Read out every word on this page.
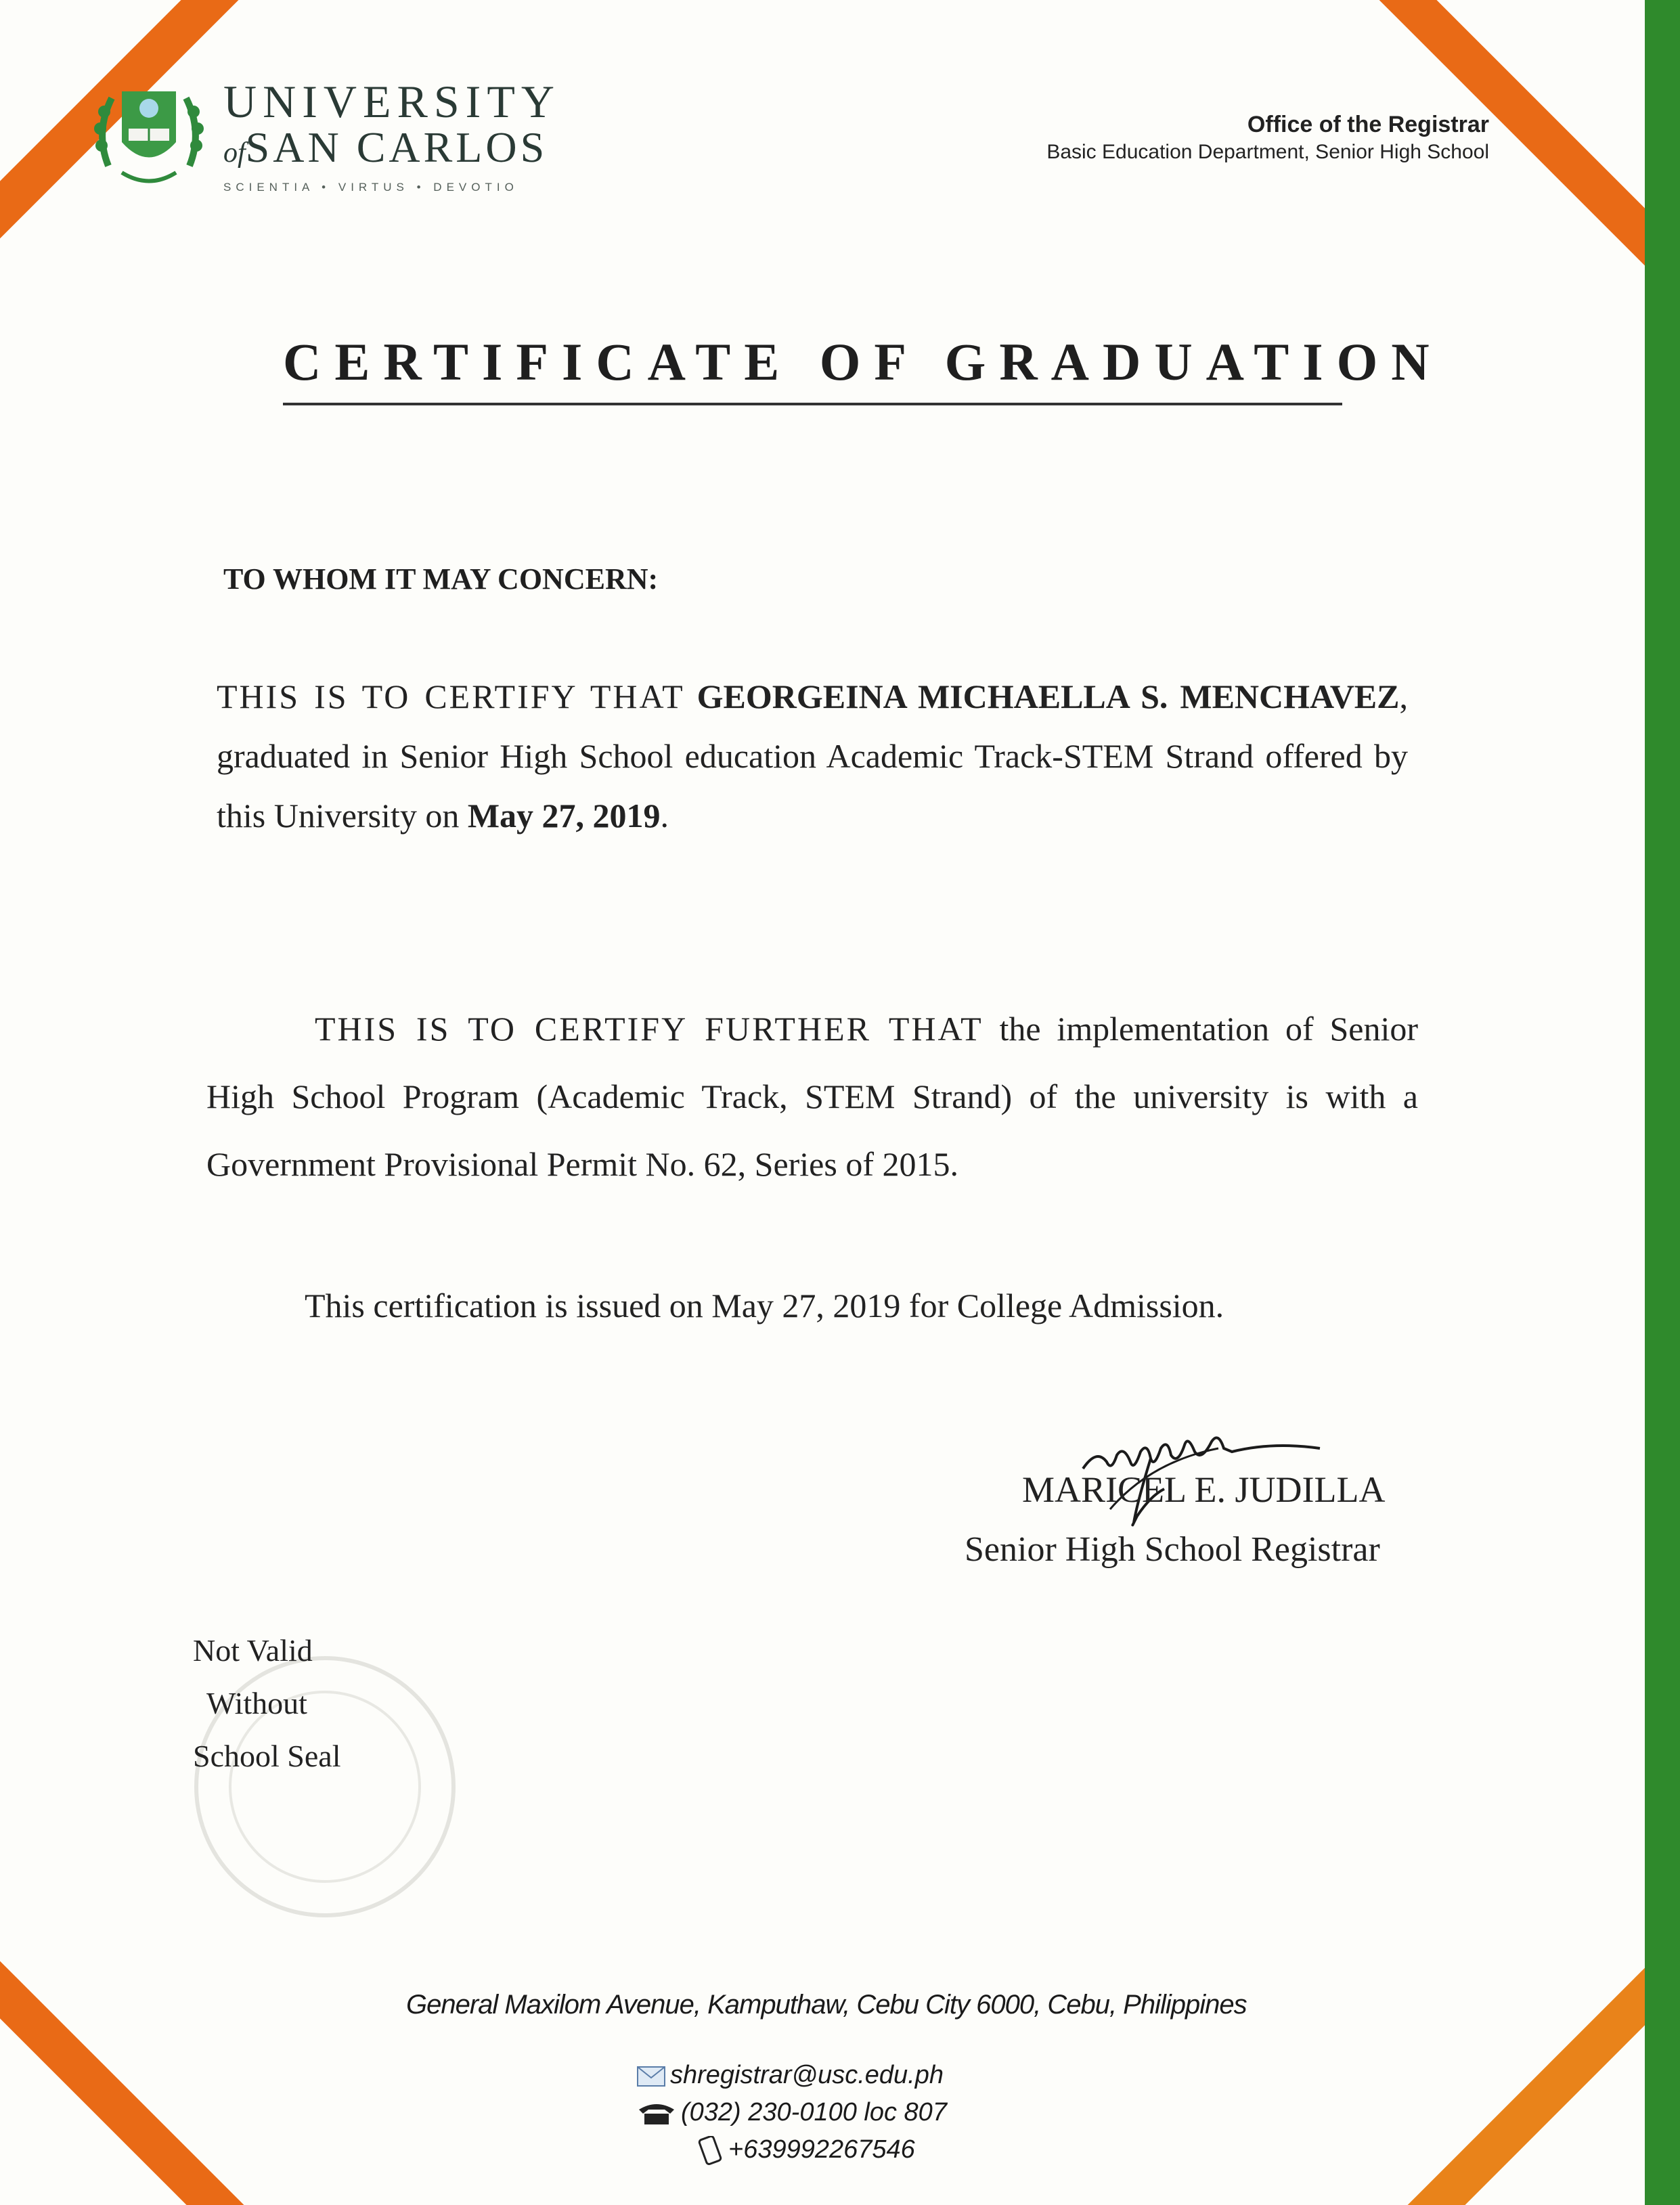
UNIVERSITY
ofSAN CARLOS
SCIENTIA • VIRTUS • DEVOTIO
Office of the Registrar
Basic Education Department, Senior High School
CERTIFICATE OF GRADUATION
TO WHOM IT MAY CONCERN:
THIS IS TO CERTIFY THAT GEORGEINA MICHAELLA S. MENCHAVEZ, graduated in Senior High School education Academic Track-STEM Strand offered by this University on May 27, 2019.
THIS IS TO CERTIFY FURTHER THAT the implementation of Senior High School Program (Academic Track, STEM Strand) of the university is with a Government Provisional Permit No. 62, Series of 2015.
This certification is issued on May 27, 2019 for College Admission.
MARICEL E. JUDILLA
Senior High School Registrar
Not Valid
Without
School Seal
General Maxilom Avenue, Kamputhaw, Cebu City 6000, Cebu, Philippines
shregistrar@usc.edu.ph
(032) 230-0100 loc 807
+639992267546
